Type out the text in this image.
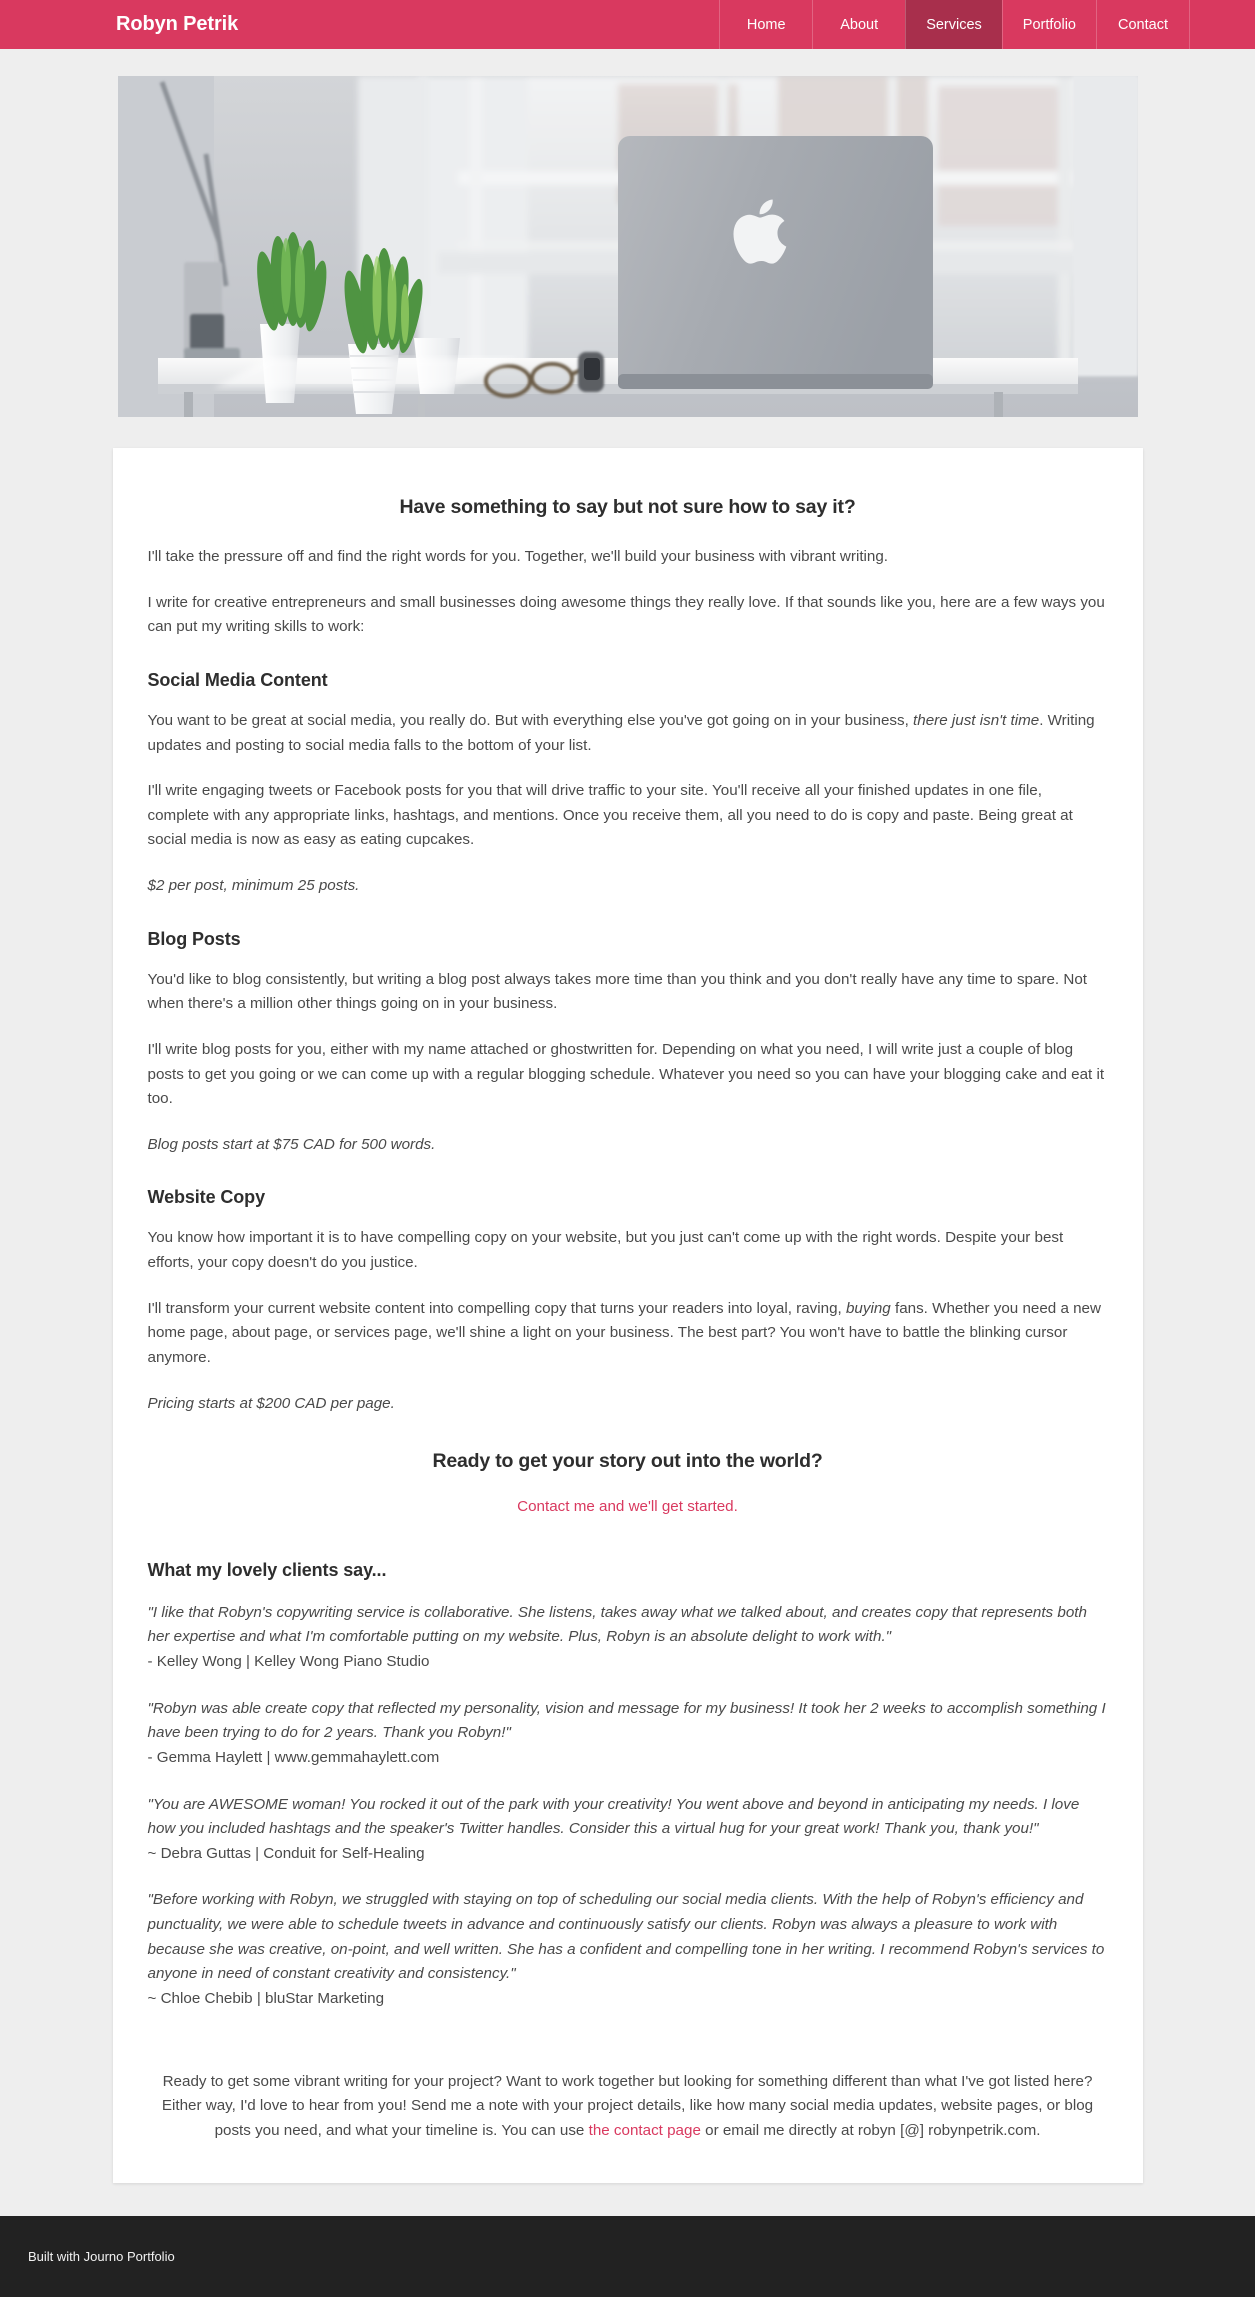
Robyn Petrik	Home	About	Services	Portfolio	Contact
Have something to say but not sure how to say it?

I'll take the pressure off and find the right words for you. Together, we'll build your business with vibrant writing.

I write for creative entrepreneurs and small businesses doing awesome things they really love. If that sounds like you, here are a few ways you can put my writing skills to work:

Social Media Content

You want to be great at social media, you really do. But with everything else you've got going on in your business, there just isn't time. Writing updates and posting to social media falls to the bottom of your list.

I'll write engaging tweets or Facebook posts for you that will drive traffic to your site. You'll receive all your finished updates in one file, complete with any appropriate links, hashtags, and mentions. Once you receive them, all you need to do is copy and paste. Being great at social media is now as easy as eating cupcakes.

$2 per post, minimum 25 posts.

Blog Posts

You'd like to blog consistently, but writing a blog post always takes more time than you think and you don't really have any time to spare. Not when there's a million other things going on in your business.

I'll write blog posts for you, either with my name attached or ghostwritten for. Depending on what you need, I will write just a couple of blog posts to get you going or we can come up with a regular blogging schedule. Whatever you need so you can have your blogging cake and eat it too.

Blog posts start at $75 CAD for 500 words.

Website Copy

You know how important it is to have compelling copy on your website, but you just can't come up with the right words. Despite your best efforts, your copy doesn't do you justice.

I'll transform your current website content into compelling copy that turns your readers into loyal, raving, buying fans. Whether you need a new home page, about page, or services page, we'll shine a light on your business. The best part? You won't have to battle the blinking cursor anymore.

Pricing starts at $200 CAD per page.

Ready to get your story out into the world?

Contact me and we'll get started.

What my lovely clients say...
"I like that Robyn's copywriting service is collaborative. She listens, takes away what we talked about, and creates copy that represents both her expertise and what I'm comfortable putting on my website. Plus, Robyn is an absolute delight to work with."
- Kelley Wong | Kelley Wong Piano Studio
"Robyn was able create copy that reflected my personality, vision and message for my business! It took her 2 weeks to accomplish something I have been trying to do for 2 years. Thank you Robyn!"
- Gemma Haylett | www.gemmahaylett.com
"You are AWESOME woman! You rocked it out of the park with your creativity! You went above and beyond in anticipating my needs. I love how you included hashtags and the speaker's Twitter handles. Consider this a virtual hug for your great work! Thank you, thank you!"
~ Debra Guttas | Conduit for Self-Healing
"Before working with Robyn, we struggled with staying on top of scheduling our social media clients. With the help of Robyn's efficiency and punctuality, we were able to schedule tweets in advance and continuously satisfy our clients. Robyn was always a pleasure to work with because she was creative, on-point, and well written. She has a confident and compelling tone in her writing. I recommend Robyn's services to anyone in need of constant creativity and consistency."
~ Chloe Chebib | bluStar Marketing

Ready to get some vibrant writing for your project? Want to work together but looking for something different than what I've got listed here? Either way, I'd love to hear from you! Send me a note with your project details, like how many social media updates, website pages, or blog posts you need, and what your timeline is. You can use the contact page or email me directly at robyn [@] robynpetrik.com.

Built with Journo Portfolio
